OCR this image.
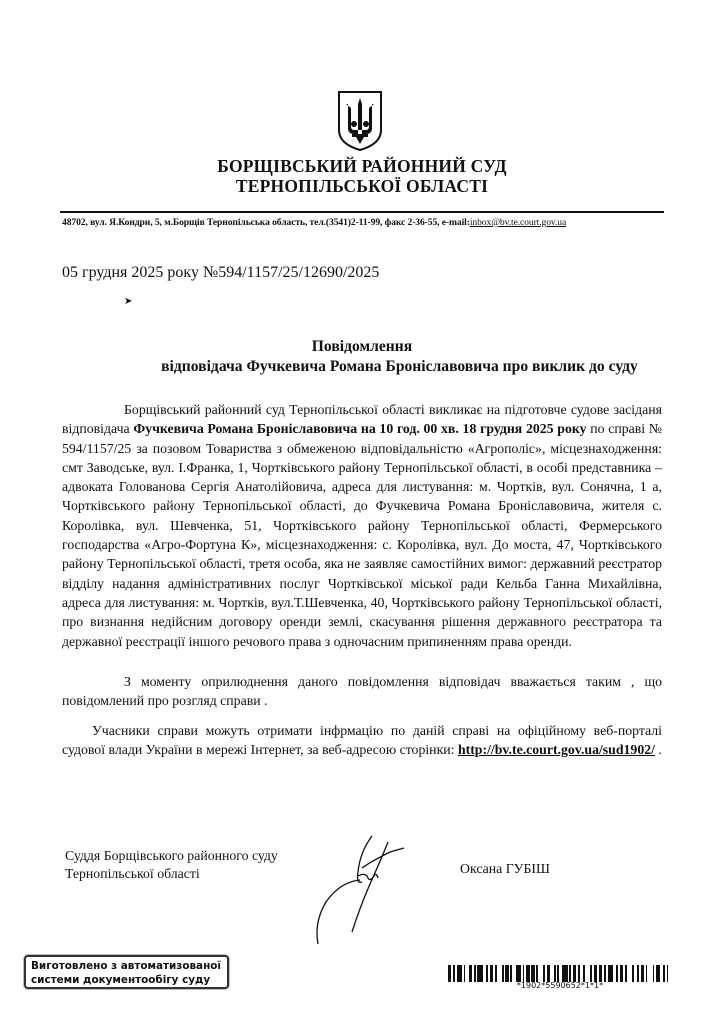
БОРЩІВСЬКИЙ РАЙОННИЙ СУД
ТЕРНОПІЛЬСЬКОЇ ОБЛАСТІ
48702, вул. Я.Кондри, 5, м.Борщів Тернопільська область, тел.(3541)2-11-99, факс 2-36-55, e-mail:inbox@bv.te.court.gov.ua
05 грудня 2025 року №594/1157/25/12690/2025
➤
Повідомлення
відповідача Фучкевича Романа Броніславовича про виклик до суду
Борщівський районний суд Тернопільської області викликає на підготовче судове засіданя відповідача Фучкевича Романа Броніславовича на 10 год. 00 хв. 18 грудня 2025 року по справі № 594/1157/25 за позовом Товариства з обмеженою відповідальністю «Агрополіс», місцезнаходження: смт Заводське, вул. І.Франка, 1, Чортківського району Тернопільської області, в особі представника – адвоката Голованова Сергія Анатолійовича, адреса для листування: м. Чортків, вул. Сонячна, 1 а, Чортківського району Тернопільської області, до Фучкевича Романа Броніславовича, жителя с. Королівка, вул. Шевченка, 51, Чортківського району Тернопільської області, Фермерського господарства «Агро-Фортуна К», місцезнаходження: с. Королівка, вул. До моста, 47, Чортківського району Тернопільської області, третя особа, яка не заявляє самостійних вимог: державний реєстратор відділу надання адміністративних послуг Чортківської міської ради Кельба Ганна Михайлівна, адреса для листування: м. Чортків, вул.Т.Шевченка, 40, Чортківського району Тернопільської області, про визнання недійсним договору оренди землі, скасування рішення державного реєстратора та державної реєстрації іншого речового права з одночасним припиненням права оренди.
З моменту оприлюднення даного повідомлення відповідач вважається таким , що повідомлений про розгляд справи .
Учасники справи можуть отримати інфрмацію по даній справі на офіційному веб-порталі судової влади України в мережі Інтернет, за веб-адресою сторінки: http://bv.te.court.gov.ua/sud1902/ .
Суддя Борщівського районного суду
Тернопільської області	Оксана ГУБІШ
Виготовлено з автоматизованої
системи документообігу суду	*1902*5590652*1*1*
